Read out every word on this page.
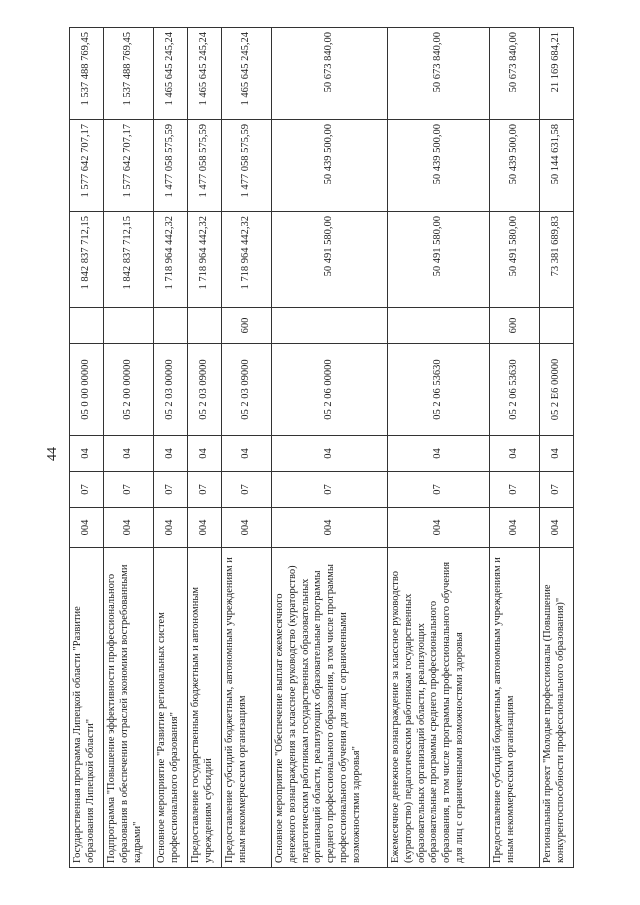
44
Государственная программа Липецкой области "Развитие образования Липецкой области"	004	07	04	05 0 00 00000		1 842 837 712,15	1 577 642 707,17	1 537 488 769,45
Подпрограмма "Повышение эффективности профессионального образования в обеспечении отраслей экономики востребованными кадрами"	004	07	04	05 2 00 00000		1 842 837 712,15	1 577 642 707,17	1 537 488 769,45
Основное мероприятие "Развитие региональных систем профессионального образования"	004	07	04	05 2 03 00000		1 718 964 442,32	1 477 058 575,59	1 465 645 245,24
Предоставление государственным бюджетным и автономным учреждениям субсидий	004	07	04	05 2 03 09000		1 718 964 442,32	1 477 058 575,59	1 465 645 245,24
Предоставление субсидий бюджетным, автономным учреждениям и иным некоммерческим организациям	004	07	04	05 2 03 09000	600	1 718 964 442,32	1 477 058 575,59	1 465 645 245,24
Основное мероприятие "Обеспечение выплат ежемесячного денежного вознаграждения за классное руководство (кураторство) педагогическим работникам государственных образовательных организаций области, реализующих образовательные программы среднего профессионального образования, в том числе программы профессионального обучения для лиц с ограниченными возможностями здоровья"	004	07	04	05 2 06 00000		50 491 580,00	50 439 500,00	50 673 840,00
Ежемесячное денежное вознаграждение за классное руководство (кураторство) педагогическим работникам государственных образовательных организаций области, реализующих образовательные программы среднего профессионального образования, в том числе программы профессионального обучения для лиц с ограниченными возможностями здоровья	004	07	04	05 2 06 53630		50 491 580,00	50 439 500,00	50 673 840,00
Предоставление субсидий бюджетным, автономным учреждениям и иным некоммерческим организациям	004	07	04	05 2 06 53630	600	50 491 580,00	50 439 500,00	50 673 840,00
Региональный проект "Молодые профессионалы (Повышение конкурентоспособности профессионального образования)"	004	07	04	05 2 Е6 00000		73 381 689,83	50 144 631,58	21 169 684,21
